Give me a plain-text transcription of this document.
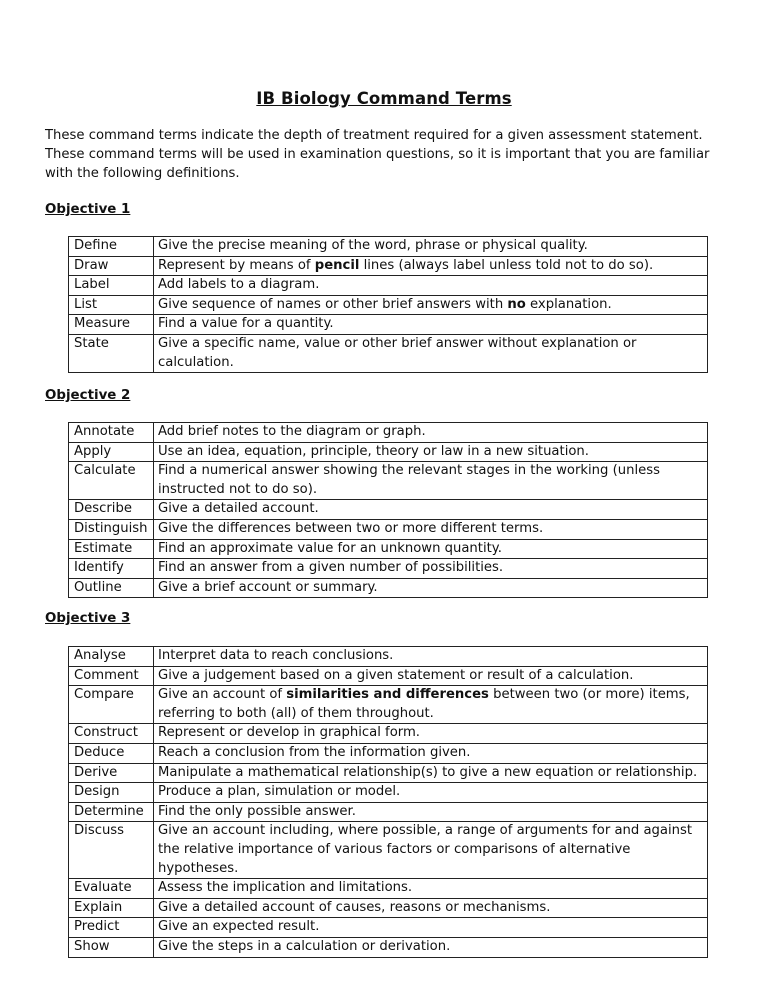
IB Biology Command Terms

These command terms indicate the depth of treatment required for a given assessment statement. These command terms will be used in examination questions, so it is important that you are familiar with the following definitions.

Objective 1
Define	Give the precise meaning of the word, phrase or physical quality.
Draw	Represent by means of pencil lines (always label unless told not to do so).
Label	Add labels to a diagram.
List	Give sequence of names or other brief answers with no explanation.
Measure	Find a value for a quantity.
State	Give a specific name, value or other brief answer without explanation or calculation.
Objective 2
Annotate	Add brief notes to the diagram or graph.
Apply	Use an idea, equation, principle, theory or law in a new situation.
Calculate	Find a numerical answer showing the relevant stages in the working (unless instructed not to do so).
Describe	Give a detailed account.
Distinguish	Give the differences between two or more different terms.
Estimate	Find an approximate value for an unknown quantity.
Identify	Find an answer from a given number of possibilities.
Outline	Give a brief account or summary.
Objective 3
Analyse	Interpret data to reach conclusions.
Comment	Give a judgement based on a given statement or result of a calculation.
Compare	Give an account of similarities and differences between two (or more) items, referring to both (all) of them throughout.
Construct	Represent or develop in graphical form.
Deduce	Reach a conclusion from the information given.
Derive	Manipulate a mathematical relationship(s) to give a new equation or relationship.
Design	Produce a plan, simulation or model.
Determine	Find the only possible answer.
Discuss	Give an account including, where possible, a range of arguments for and against the relative importance of various factors or comparisons of alternative hypotheses.
Evaluate	Assess the implication and limitations.
Explain	Give a detailed account of causes, reasons or mechanisms.
Predict	Give an expected result.
Show	Give the steps in a calculation or derivation.
